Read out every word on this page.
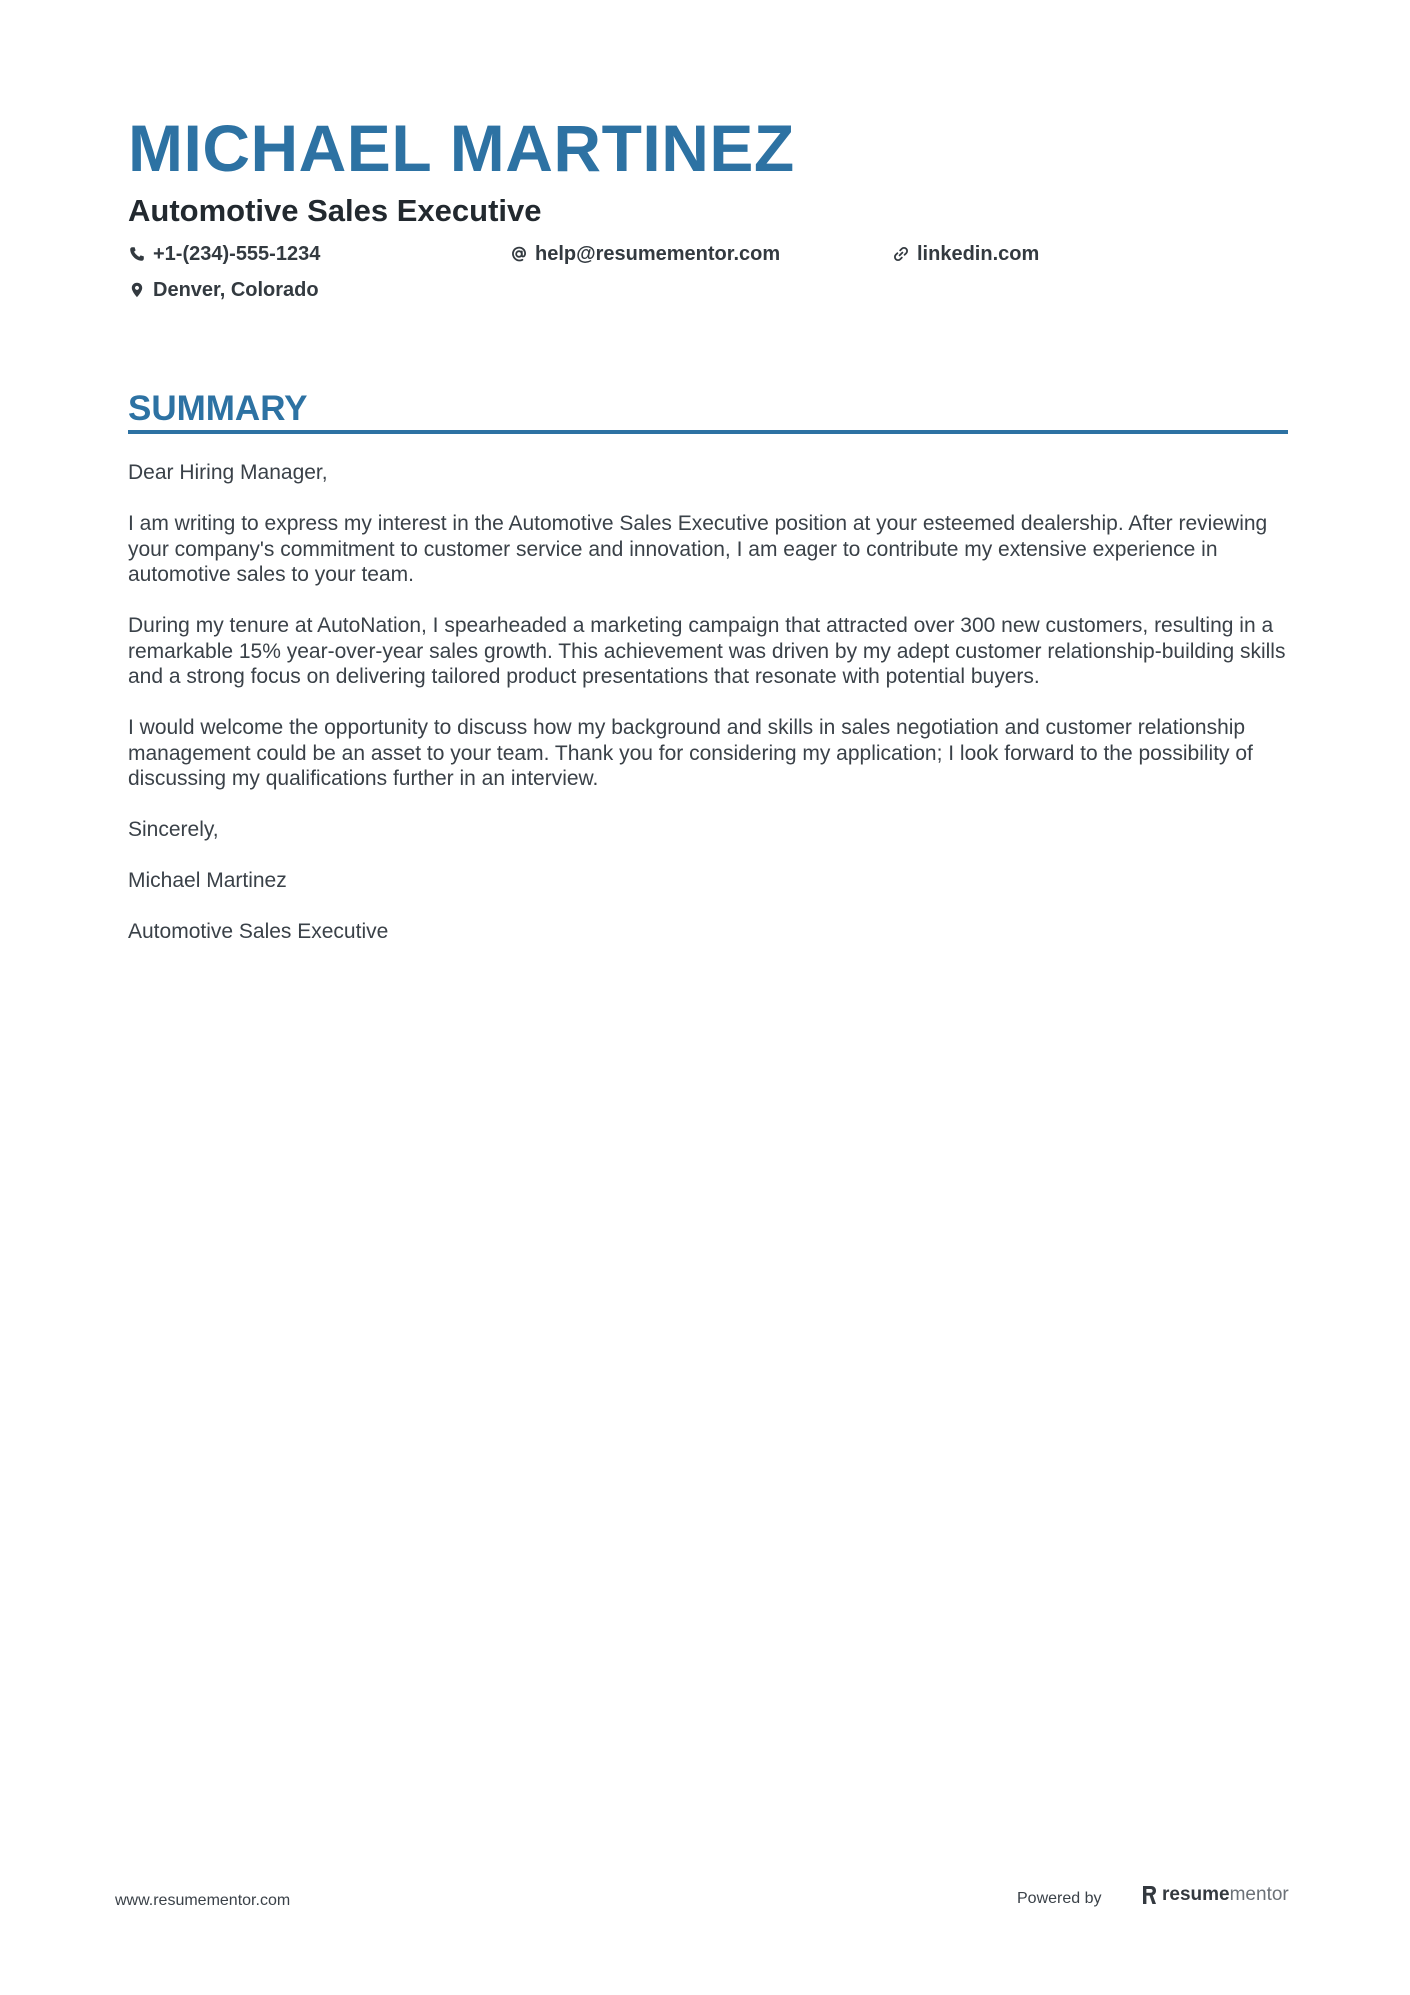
MICHAEL MARTINEZ
Automotive Sales Executive
+1-(234)-555-1234	help@resumementor.com	linkedin.com
Denver, Colorado
SUMMARY

Dear Hiring Manager,

I am writing to express my interest in the Automotive Sales Executive position at your esteemed dealership. After reviewing your company's commitment to customer service and innovation, I am eager to contribute my extensive experience in automotive sales to your team.

During my tenure at AutoNation, I spearheaded a marketing campaign that attracted over 300 new customers, resulting in a remarkable 15% year-over-year sales growth. This achievement was driven by my adept customer relationship-building skills and a strong focus on delivering tailored product presentations that resonate with potential buyers.

I would welcome the opportunity to discuss how my background and skills in sales negotiation and customer relationship management could be an asset to your team. Thank you for considering my application; I look forward to the possibility of discussing my qualifications further in an interview.

Sincerely,

Michael Martinez

Automotive Sales Executive

www.resumementor.com	Powered by	resume mentor
